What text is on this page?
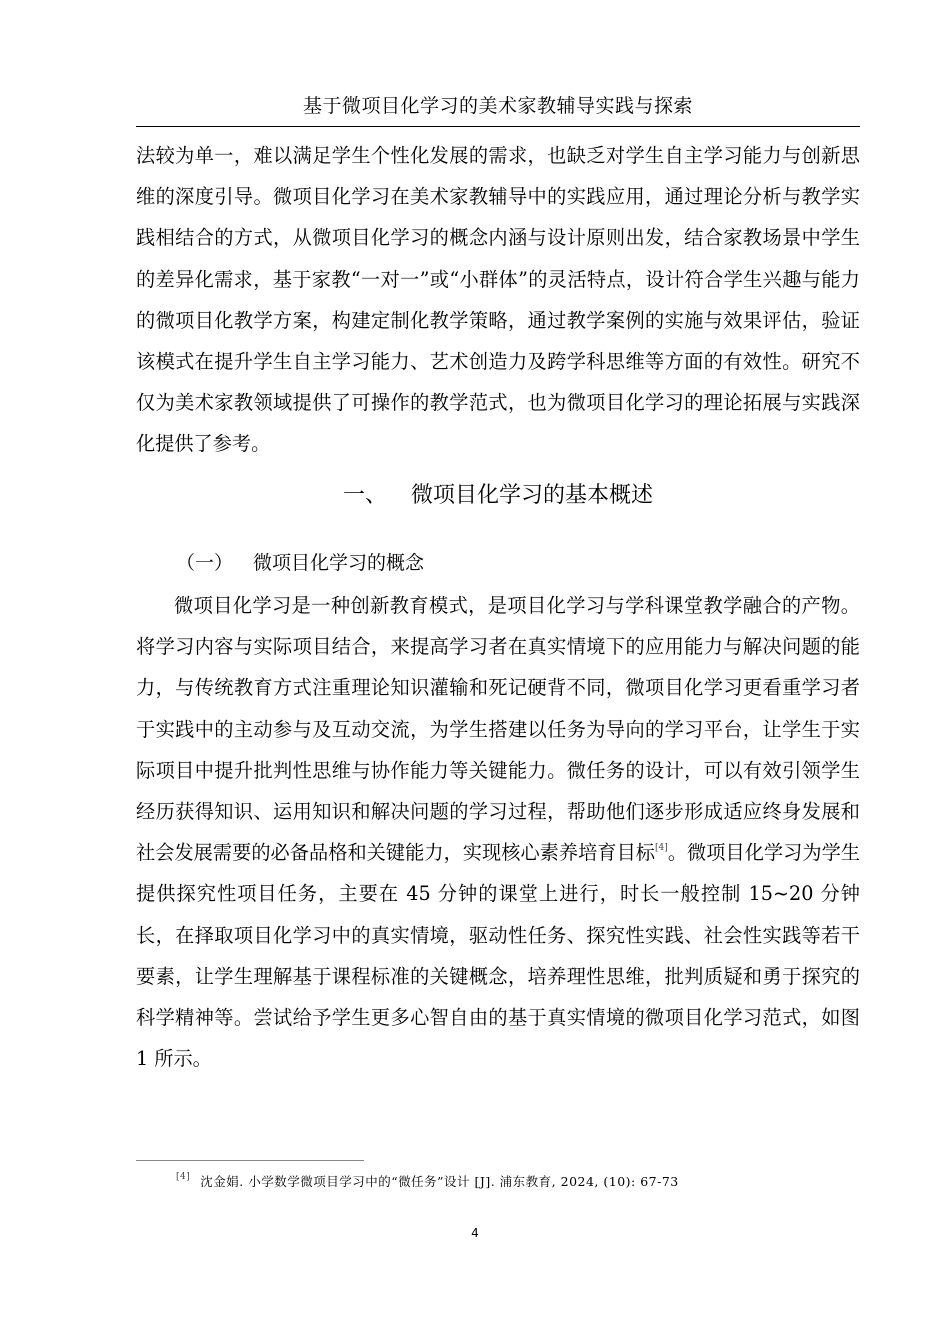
基于微项目化学习的美术家教辅导实践与探索

法较为单一，难以满足学生个性化发展的需求，也缺乏对学生自主学习能力与创新思维的深度引导。微项目化学习在美术家教辅导中的实践应用，通过理论分析与教学实践相结合的方式，从微项目化学习的概念内涵与设计原则出发，结合家教场景中学生的差异化需求，基于家教“一对一”或“小群体”的灵活特点，设计符合学生兴趣与能力的微项目化教学方案，构建定制化教学策略，通过教学案例的实施与效果评估，验证该模式在提升学生自主学习能力、艺术创造力及跨学科思维等方面的有效性。研究不仅为美术家教领域提供了可操作的教学范式，也为微项目化学习的理论拓展与实践深化提供了参考。

一、 微项目化学习的基本概述
（一） 微项目化学习的概念

微项目化学习是一种创新教育模式，是项目化学习与学科课堂教学融合的产物。将学习内容与实际项目结合，来提高学习者在真实情境下的应用能力与解决问题的能力，与传统教育方式注重理论知识灌输和死记硬背不同，微项目化学习更看重学习者于实践中的主动参与及互动交流，为学生搭建以任务为导向的学习平台，让学生于实际项目中提升批判性思维与协作能力等关键能力。微任务的设计，可以有效引领学生经历获得知识、运用知识和解决问题的学习过程，帮助他们逐步形成适应终身发展和社会发展需要的必备品格和关键能力，实现核心素养培育目标[4]。微项目化学习为学生提供探究性项目任务，主要在 45 分钟的课堂上进行，时长一般控制 15~20 分钟长，在择取项目化学习中的真实情境，驱动性任务、探究性实践、社会性实践等若干要素，让学生理解基于课程标准的关键概念，培养理性思维，批判质疑和勇于探究的科学精神等。尝试给予学生更多心智自由的基于真实情境的微项目化学习范式，如图 1 所示。

[4] 沈金娟. 小学数学微项目学习中的“微任务”设计 [J]. 浦东教育, 2024, (10): 67-73
4
